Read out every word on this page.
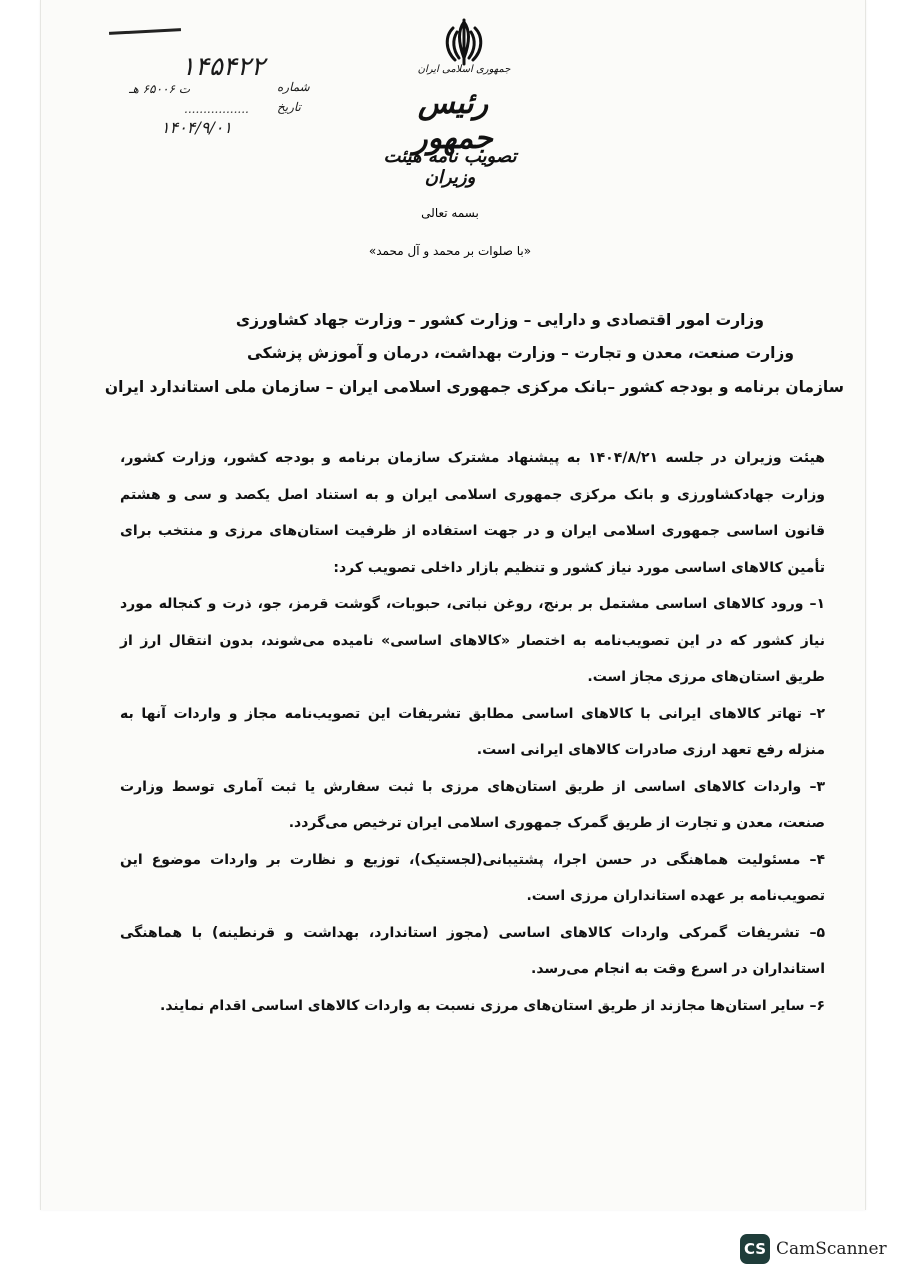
۱۴۵۴۲۲
ت ۶۵۰۰۶ هـ
.................
شماره
تاریخ
۱۴۰۴/۹/۰۱
جمهوری اسلامی ایران
رئیس جمهور
تصویب نامه هیئت وزیران
بسمه تعالی
«با صلوات بر محمد و آل محمد»
وزارت امور اقتصادی و دارایی – وزارت کشور – وزارت جهاد کشاورزی
وزارت صنعت، معدن و تجارت – وزارت بهداشت، درمان و آموزش پزشکی
سازمان برنامه و بودجه کشور –بانک مرکزی جمهوری اسلامی ایران – سازمان ملی استاندارد ایران

هیئت وزیران در جلسه ۱۴۰۴/۸/۲۱ به پیشنهاد مشترک سازمان برنامه و بودجه کشور، وزارت کشور، وزارت جهادکشاورزی و بانک مرکزی جمهوری اسلامی ایران و به استناد اصل یکصد و سی و هشتم قانون اساسی جمهوری اسلامی ایران و در جهت استفاده از ظرفیت استان‌های مرزی و منتخب برای تأمین کالاهای اساسی مورد نیاز کشور و تنظیم بازار داخلی تصویب کرد:

۱– ورود کالاهای اساسی مشتمل بر برنج، روغن نباتی، حبوبات، گوشت قرمز، جو، ذرت و کنجاله مورد نیاز کشور که در این تصویب‌نامه به اختصار «کالاهای اساسی» نامیده می‌شوند، بدون انتقال ارز از طریق استان‌های مرزی مجاز است.

۲– تهاتر کالاهای ایرانی با کالاهای اساسی مطابق تشریفات این تصویب‌نامه مجاز و واردات آنها به منزله رفع تعهد ارزی صادرات کالاهای ایرانی است.

۳– واردات کالاهای اساسی از طریق استان‌های مرزی با ثبت سفارش یا ثبت آماری توسط وزارت صنعت، معدن و تجارت از طریق گمرک جمهوری اسلامی ایران ترخیص می‌گردد.

۴– مسئولیت هماهنگی در حسن اجرا، پشتیبانی(لجستیک)، توزیع و نظارت بر واردات موضوع این تصویب‌نامه بر عهده استانداران مرزی است.

۵– تشریفات گمرکی واردات کالاهای اساسی (مجوز استاندارد، بهداشت و قرنطینه) با هماهنگی استانداران در اسرع وقت به انجام می‌رسد.

۶– سایر استان‌ها مجازند از طریق استان‌های مرزی نسبت به واردات کالاهای اساسی اقدام نمایند.

CS CamScanner
